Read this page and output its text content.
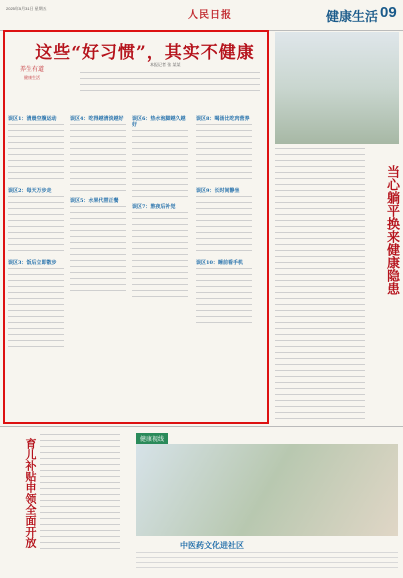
2025年5月31日 星期五
人民日报	健康生活 09
这些“好习惯”，其实不健康
本报记者 张 某某
养生有道
健康生活
误区1：清晨空腹运动
误区2：每天万步走
误区3：饭后立即散步
误区4：吃得越清淡越好
误区5：水果代替正餐
误区6：热水泡脚越久越好
误区7：熬夜后补觉
误区8：喝汤比吃肉营养
误区9：长时间静坐
误区10：睡前看手机	当心躺平换来健康隐患
育儿补贴申领全面开放	健康视线
中医药文化进社区
